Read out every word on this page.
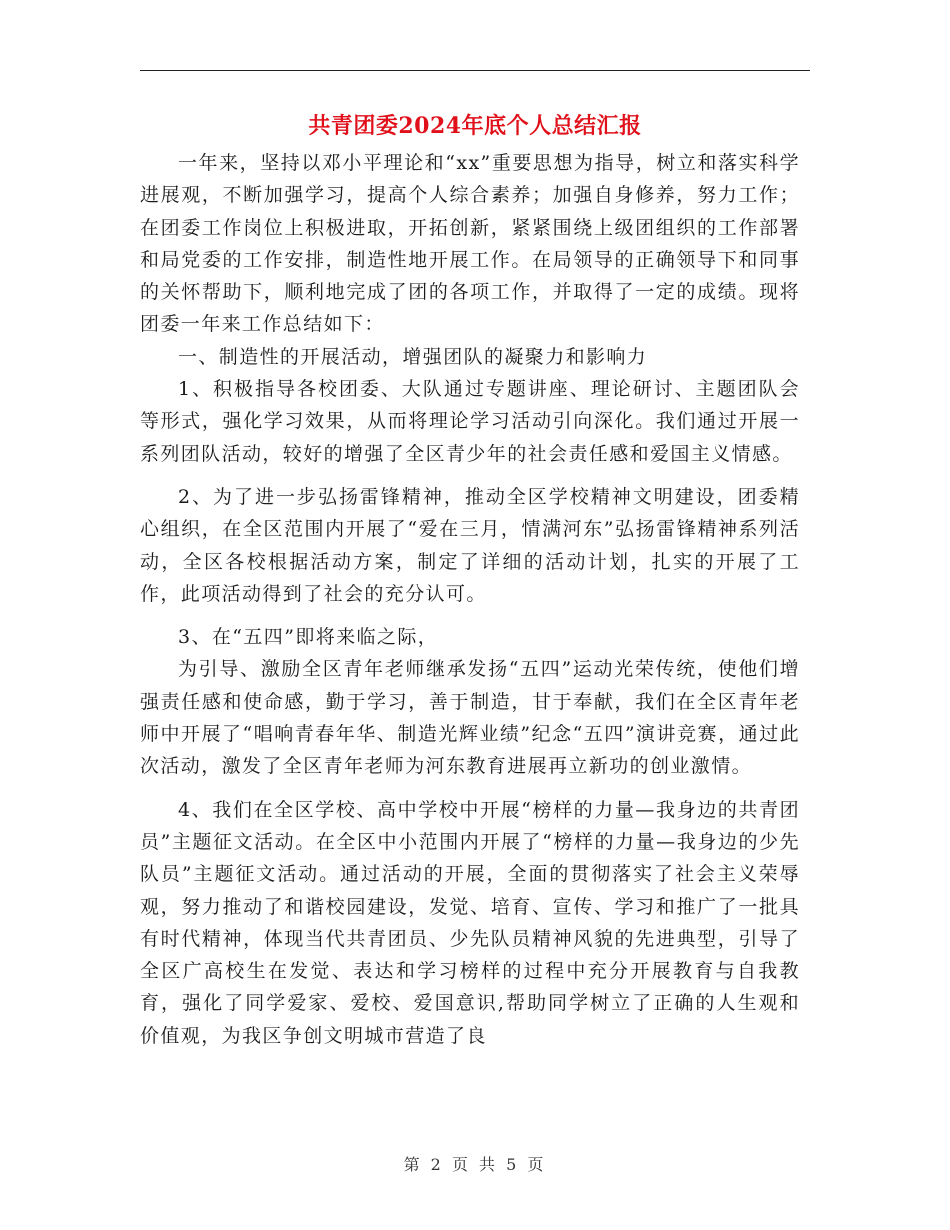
共青团委2024年底个人总结汇报

一年来，坚持以邓小平理论和“xx”重要思想为指导，树立和落实科学进展观，不断加强学习，提高个人综合素养；加强自身修养，努力工作；在团委工作岗位上积极进取，开拓创新，紧紧围绕上级团组织的工作部署和局党委的工作安排，制造性地开展工作。在局领导的正确领导下和同事的关怀帮助下，顺利地完成了团的各项工作，并取得了一定的成绩。现将团委一年来工作总结如下：

一、制造性的开展活动，增强团队的凝聚力和影响力

1、积极指导各校团委、大队通过专题讲座、理论研讨、主题团队会等形式，强化学习效果，从而将理论学习活动引向深化。我们通过开展一系列团队活动，较好的增强了全区青少年的社会责任感和爱国主义情感。

2、为了进一步弘扬雷锋精神，推动全区学校精神文明建设，团委精心组织，在全区范围内开展了“爱在三月，情满河东”弘扬雷锋精神系列活动，全区各校根据活动方案，制定了详细的活动计划，扎实的开展了工作，此项活动得到了社会的充分认可。

3、在“五四”即将来临之际，

为引导、激励全区青年老师继承发扬“五四”运动光荣传统，使他们增强责任感和使命感，勤于学习，善于制造，甘于奉献，我们在全区青年老师中开展了“唱响青春年华、制造光辉业绩”纪念“五四”演讲竞赛，通过此次活动，激发了全区青年老师为河东教育进展再立新功的创业激情。

4、我们在全区学校、高中学校中开展“榜样的力量—我身边的共青团员”主题征文活动。在全区中小范围内开展了“榜样的力量—我身边的少先队员”主题征文活动。通过活动的开展，全面的贯彻落实了社会主义荣辱观，努力推动了和谐校园建设，发觉、培育、宣传、学习和推广了一批具有时代精神，体现当代共青团员、少先队员精神风貌的先进典型，引导了全区广高校生在发觉、表达和学习榜样的过程中充分开展教育与自我教育，强化了同学爱家、爱校、爱国意识,帮助同学树立了正确的人生观和价值观，为我区争创文明城市营造了良

第 2 页 共 5 页
